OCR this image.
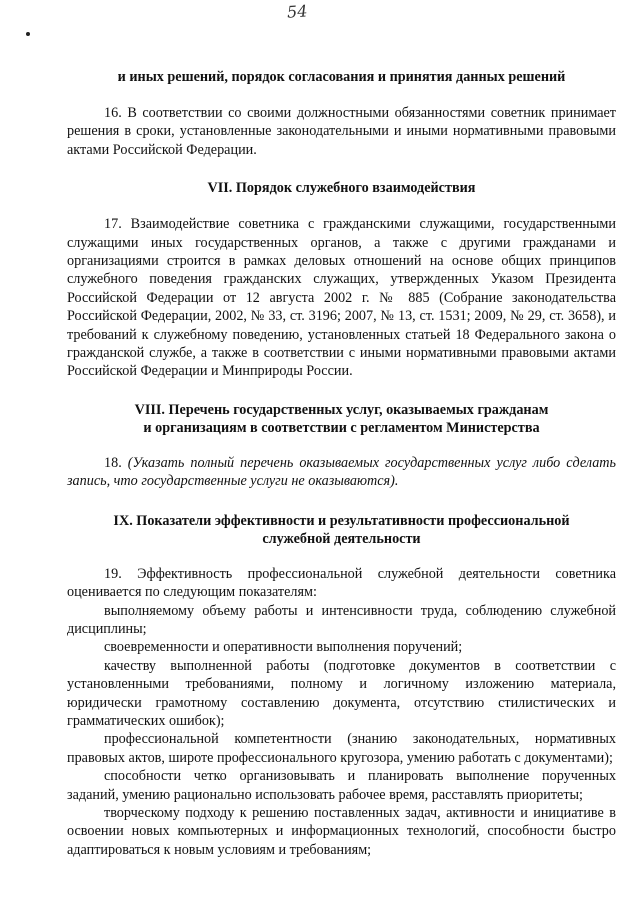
54

и иных решений, порядок согласования и принятия данных решений

16. В соответствии со своими должностными обязанностями советник принимает решения в сроки, установленные законодательными и иными нормативными правовыми актами Российской Федерации.

VII. Порядок служебного взаимодействия

17. Взаимодействие советника с гражданскими служащими, государственными служащими иных государственных органов, а также с другими гражданами и организациями строится в рамках деловых отношений на основе общих принципов служебного поведения гражданских служащих, утвержденных Указом Президента Российской Федерации от 12 августа 2002 г. № 885 (Собрание законодательства Российской Федерации, 2002, № 33, ст. 3196; 2007, № 13, ст. 1531; 2009, № 29, ст. 3658), и требований к служебному поведению, установленных статьей 18 Федерального закона о гражданской службе, а также в соответствии с иными нормативными правовыми актами Российской Федерации и Минприроды России.

VIII. Перечень государственных услуг, оказываемых гражданам

и организациям в соответствии с регламентом Министерства

18. (Указать полный перечень оказываемых государственных услуг либо сделать запись, что государственные услуги не оказываются).

IX. Показатели эффективности и результативности профессиональной

служебной деятельности

19. Эффективность профессиональной служебной деятельности советника оценивается по следующим показателям:

выполняемому объему работы и интенсивности труда, соблюдению служебной дисциплины;

своевременности и оперативности выполнения поручений;

качеству выполненной работы (подготовке документов в соответствии с установленными требованиями, полному и логичному изложению материала, юридически грамотному составлению документа, отсутствию стилистических и грамматических ошибок);

профессиональной компетентности (знанию законодательных, нормативных правовых актов, широте профессионального кругозора, умению работать с документами);

способности четко организовывать и планировать выполнение порученных заданий, умению рационально использовать рабочее время, расставлять приоритеты;

творческому подходу к решению поставленных задач, активности и инициативе в освоении новых компьютерных и информационных технологий, способности быстро адаптироваться к новым условиям и требованиям;
